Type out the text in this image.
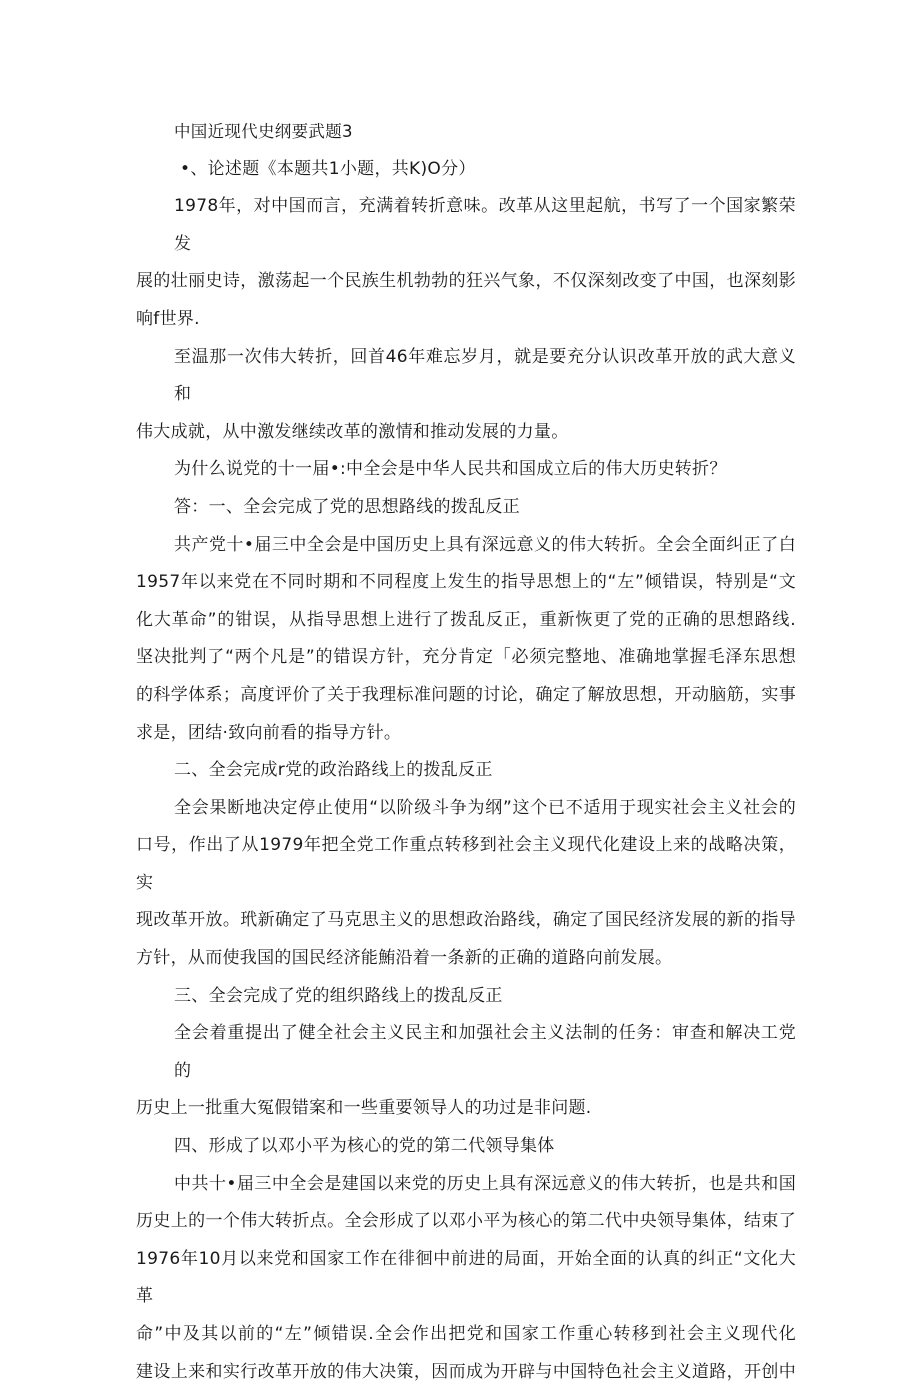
中国近现代史纲要武题3
•、论述题《本题共1小题，共K)O分）
1978年，对中国而言，充满着转折意味。改革从这里起航，书写了一个国家繁荣发
展的壮丽史诗，激荡起一个民族生机勃勃的狂兴气象，不仅深刻改变了中国，也深刻影
响f世界.
至温那一次伟大转折，回首46年难忘岁月，就是要充分认识改革开放的武大意义和
伟大成就，从中激发继续改革的激情和推动发展的力量。
为什么说党的十一届•:中全会是中华人民共和国成立后的伟大历史转折？
答：一、全会完成了党的思想路线的拨乱反正
共产党十•届三中全会是中国历史上具有深远意义的伟大转折。全会全面纠正了白
1957年以来党在不同时期和不同程度上发生的指导思想上的“左”倾错误，特别是“文
化大革命”的钳误，从指导思想上进行了拨乱反正，重新恢更了党的正确的思想路线.
坚决批判了“两个凡是”的错误方针，充分肯定「必须完整地、准确地掌握毛泽东思想
的科学体系；高度评价了关于我理标准问题的讨论，确定了解放思想，开动脑筋，实事
求是，团结·致向前看的指导方针。
二、全会完成r党的政治路线上的拨乱反正
全会果断地决定停止使用“以阶级斗争为纲”这个已不适用于现实社会主义社会的
口号，作出了从1979年把全党工作重点转移到社会主义现代化建设上来的战略决策，实
现改革开放。玳新确定了马克思主义的思想政治路线，确定了国民经济发展的新的指导
方针，从而使我国的国民经济能鮪沿着一条新的正确的道路向前发展。
三、全会完成了党的组织路线上的拨乱反正
全会着重提出了健全社会主义民主和加强社会主义法制的任务：审查和解决工党的
历史上一批重大冤假错案和一些重要领导人的功过是非问题.
四、形成了以邓小平为核心的党的第二代领导集体
中共十•届三中全会是建国以来党的历史上具有深远意义的伟大转折，也是共和国
历史上的一个伟大转折点。全会形成了以邓小平为核心的第二代中央领导集体，结束了
1976年10月以来党和国家工作在徘徊中前进的局面，开始全面的认真的纠正“文化大革
命”中及其以前的“左”倾错误.全会作出把党和国家工作重心转移到社会主义现代化
建设上来和实行改革开放的伟大决策，因而成为开辟与中国特色社会主义道路，开创中
